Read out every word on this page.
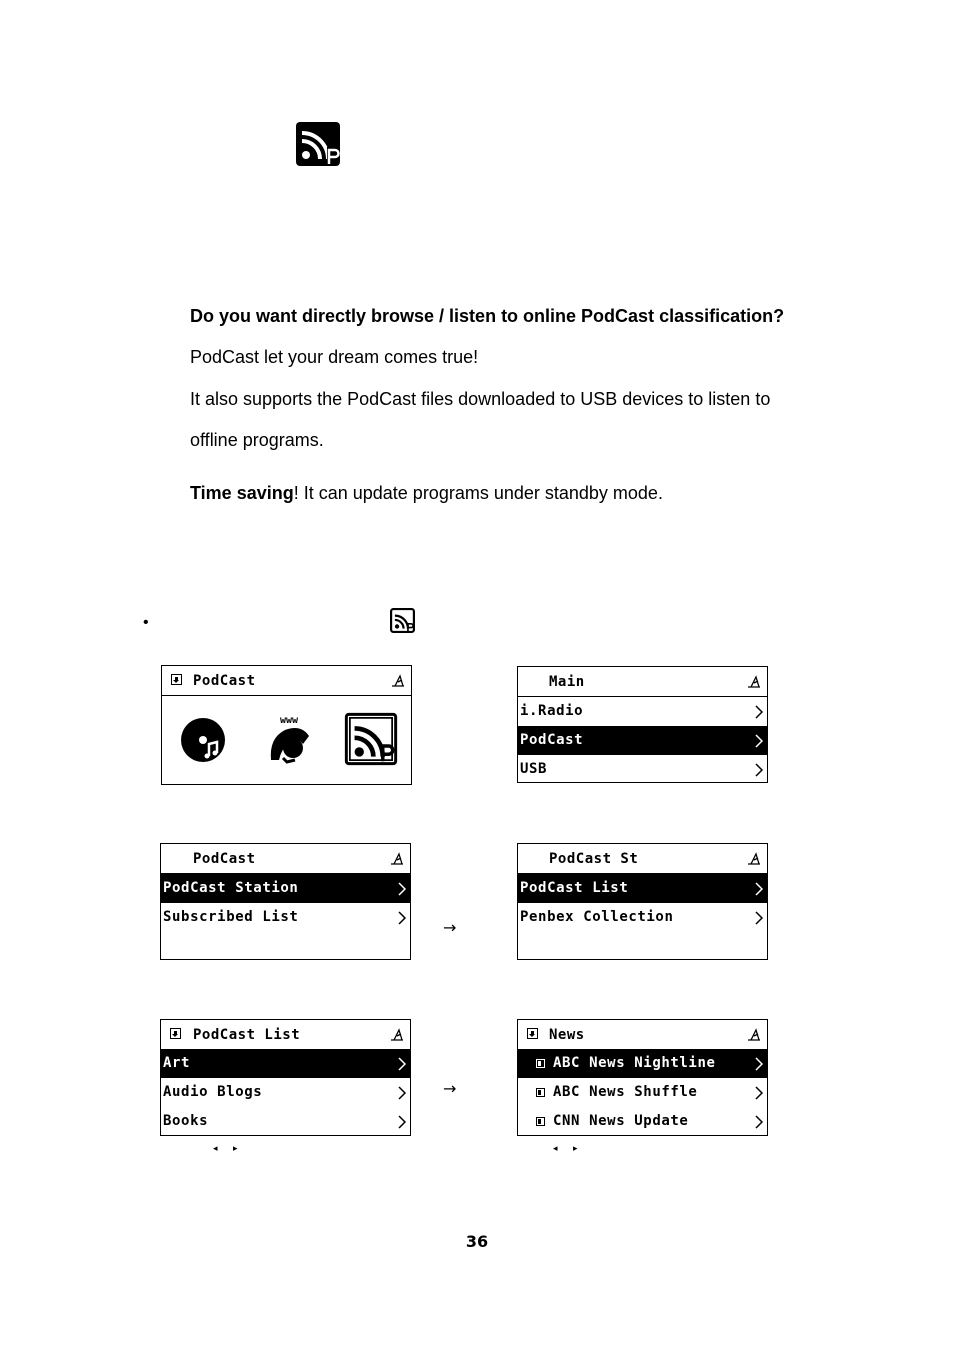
Do you want directly browse / listen to online PodCast classification?
PodCast let your dream comes true!
It also supports the PodCast files downloaded to USB devices to listen to
offline programs.
Time saving! It can update programs under standby mode.
•
PodCast
www
Main
i.Radio
PodCast
USB
PodCast
PodCast Station
Subscribed List
→
PodCast St
PodCast List
Penbex Collection
PodCast List
Art
Audio Blogs
Books
→
News
ABC News Nightline
ABC News Shuffle
CNN News Update
◂ ▸	◂ ▸
36
